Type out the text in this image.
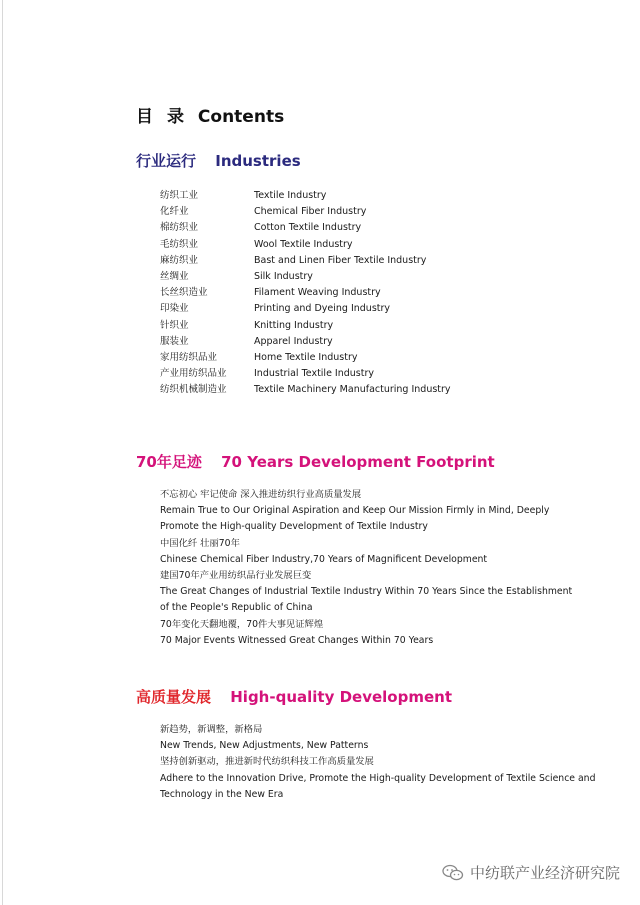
目录 Contents
行业运行 Industries
纺织工业	Textile Industry
化纤业	Chemical Fiber Industry
棉纺织业	Cotton Textile Industry
毛纺织业	Wool Textile Industry
麻纺织业	Bast and Linen Fiber Textile Industry
丝绸业	Silk Industry
长丝织造业	Filament Weaving Industry
印染业	Printing and Dyeing Industry
针织业	Knitting Industry
服装业	Apparel Industry
家用纺织品业	Home Textile Industry
产业用纺织品业	Industrial Textile Industry
纺织机械制造业	Textile Machinery Manufacturing Industry
70年足迹 70 Years Development Footprint
不忘初心 牢记使命 深入推进纺织行业高质量发展
Remain True to Our Original Aspiration and Keep Our Mission Firmly in Mind, Deeply
Promote the High-quality Development of Textile Industry
中国化纤 壮丽70年
Chinese Chemical Fiber Industry,70 Years of Magnificent Development
建国70年产业用纺织品行业发展巨变
The Great Changes of Industrial Textile Industry Within 70 Years Since the Establishment
of the People's Republic of China
70年变化天翻地覆，70件大事见证辉煌
70 Major Events Witnessed Great Changes Within 70 Years
高质量发展 High-quality Development
新趋势，新调整，新格局
New Trends, New Adjustments, New Patterns
坚持创新驱动，推进新时代纺织科技工作高质量发展
Adhere to the Innovation Drive, Promote the High-quality Development of Textile Science and
Technology in the New Era
中纺联产业经济研究院
